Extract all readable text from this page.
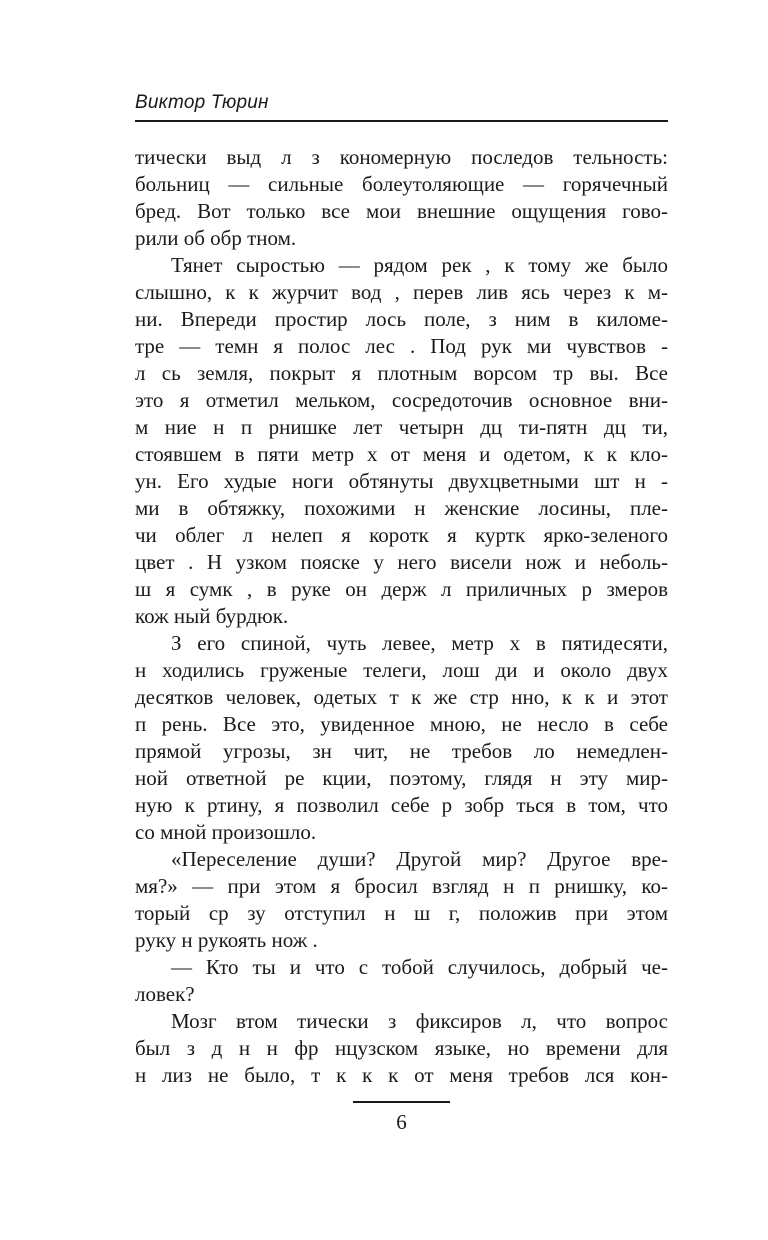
Виктор Тюрин
тически выд л з кономерную последов тельность:
больниц — сильные болеутоляющие — горячечный
бред. Вот только все мои внешние ощущения гово-
рили об обр тном.
Тянет сыростью — рядом рек , к тому же было
слышно, к к журчит вод , перев лив ясь через к м-
ни. Впереди простир лось поле, з ним в киломе-
тре — темн я полос лес . Под рук ми чувствов -
л сь земля, покрыт я плотным ворсом тр вы. Все
это я отметил мельком, сосредоточив основное вни-
м ние н п рнишке лет четырн дц ти-пятн дц ти,
стоявшем в пяти метр х от меня и одетом, к к кло-
ун. Его худые ноги обтянуты двухцветными шт н -
ми в обтяжку, похожими н женские лосины, пле-
чи облег л нелеп я коротк я куртк ярко-зеленого
цвет . Н узком пояске у него висели нож и неболь-
ш я сумк , в руке он держ л приличных р змеров
кож ный бурдюк.
З его спиной, чуть левее, метр х в пятидесяти,
н ходились груженые телеги, лош ди и около двух
десятков человек, одетых т к же стр нно, к к и этот
п рень. Все это, увиденное мною, не несло в себе
прямой угрозы, зн чит, не требов ло немедлен-
ной ответной ре кции, поэтому, глядя н эту мир-
ную к ртину, я позволил себе р зобр ться в том, что
со мной произошло.
«Переселение души? Другой мир? Другое вре-
мя?» — при этом я бросил взгляд н п рнишку, ко-
торый ср зу отступил н ш г, положив при этом
руку н рукоять нож .
— Кто ты и что с тобой случилось, добрый че-
ловек?
Мозг втом тически з фиксиров л, что вопрос
был з д н н фр нцузском языке, но времени для
н лиз не было, т к к к от меня требов лся кон-
6
